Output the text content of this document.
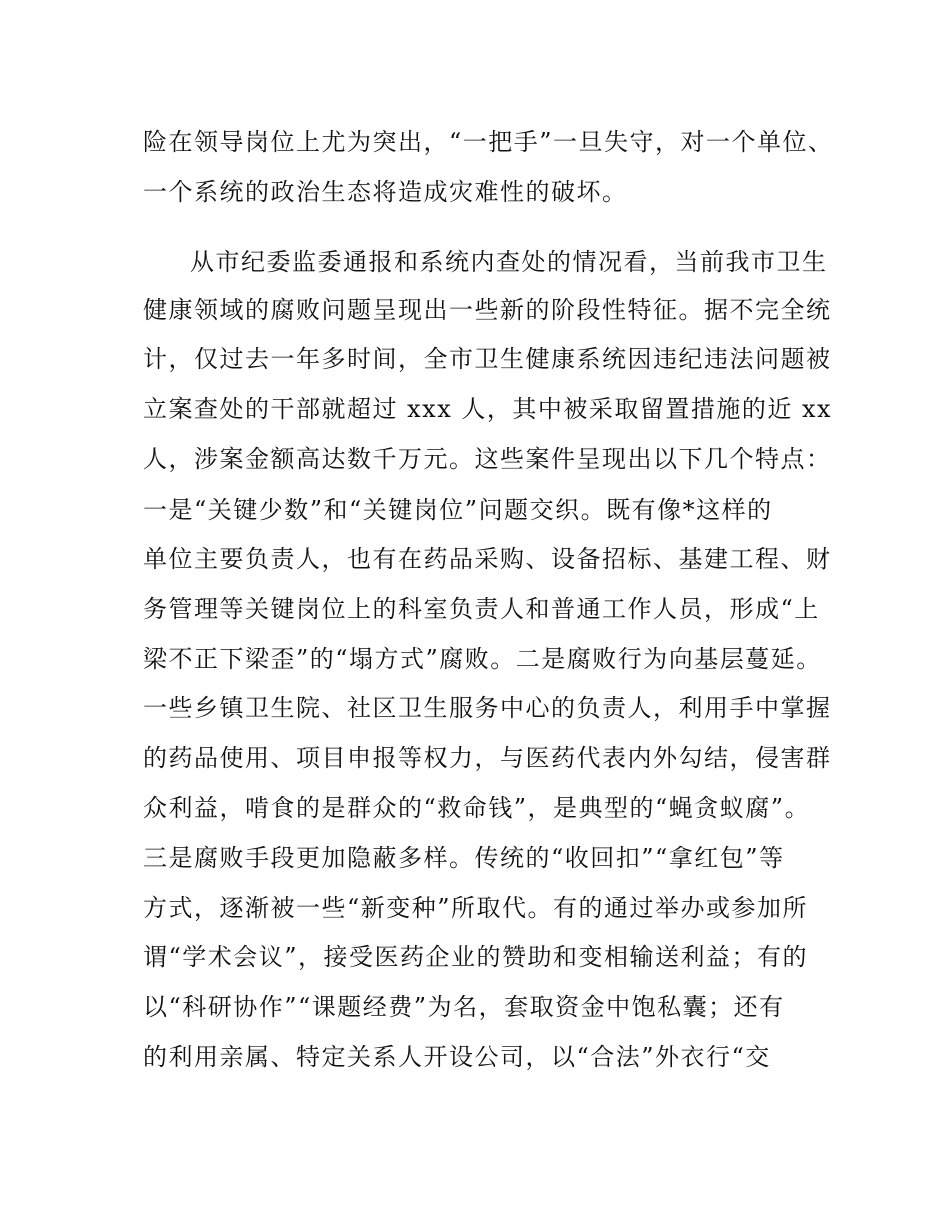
险在领导岗位上尤为突出，“一把手”一旦失守，对一个单位、
一个系统的政治生态将造成灾难性的破坏。
从市纪委监委通报和系统内查处的情况看，当前我市卫生
健康领域的腐败问题呈现出一些新的阶段性特征。据不完全统
计，仅过去一年多时间，全市卫生健康系统因违纪违法问题被
立案查处的干部就超过 xxx 人，其中被采取留置措施的近 xx
人，涉案金额高达数千万元。这些案件呈现出以下几个特点：
一是“关键少数”和“关键岗位”问题交织。既有像*这样的
单位主要负责人，也有在药品采购、设备招标、基建工程、财
务管理等关键岗位上的科室负责人和普通工作人员，形成“上
梁不正下梁歪”的“塌方式”腐败。二是腐败行为向基层蔓延。
一些乡镇卫生院、社区卫生服务中心的负责人，利用手中掌握
的药品使用、项目申报等权力，与医药代表内外勾结，侵害群
众利益，啃食的是群众的“救命钱”，是典型的“蝇贪蚁腐”。
三是腐败手段更加隐蔽多样。传统的“收回扣”“拿红包”等
方式，逐渐被一些“新变种”所取代。有的通过举办或参加所
谓“学术会议”，接受医药企业的赞助和变相输送利益；有的
以“科研协作”“课题经费”为名，套取资金中饱私囊；还有
的利用亲属、特定关系人开设公司，以“合法”外衣行“交
